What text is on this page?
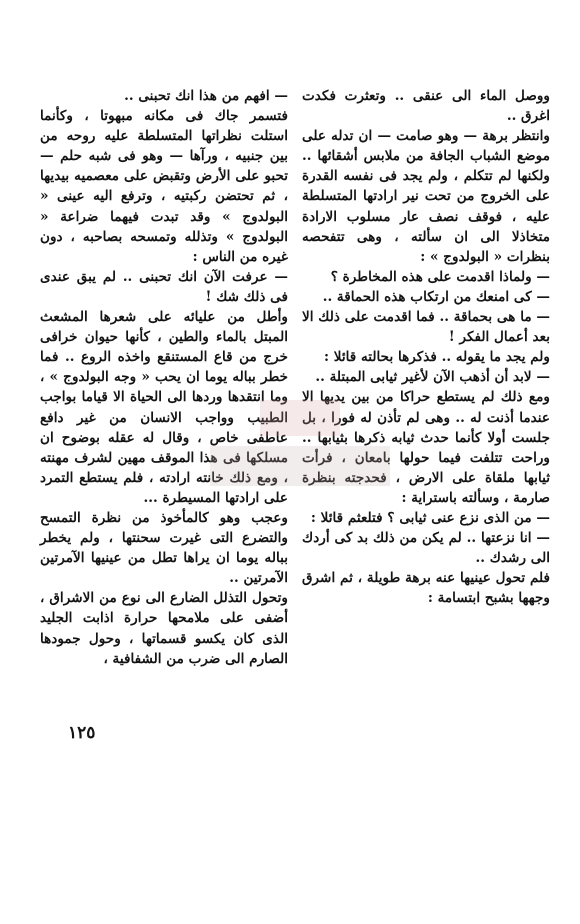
ووصل الماء الى عنقى .. وتعثرت فكدت اغرق ..

وانتظر برهة — وهو صامت — ان تدله على موضع الشباب الجافة من ملابس أشقائها .. ولكنها لم تتكلم ، ولم يجد فى نفسه القدرة على الخروج من تحت نير ارادتها المتسلطة عليه ، فوقف نصف عار مسلوب الارادة متخاذلا الى ان سألته ، وهى تتفحصه بنظرات « البولدوج » :

— ولماذا اقدمت على هذه المخاطرة ؟

— كى امنعك من ارتكاب هذه الحماقة ..

— ما هى بحماقة .. فما اقدمت على ذلك الا بعد أعمال الفكر !

ولم يجد ما يقوله .. فذكرها بحالته قائلا :

— لابد أن أذهب الآن لأغير ثيابى المبتلة ..

ومع ذلك لم يستطع حراكا من بين يديها الا عندما أذنت له .. وهى لم تأذن له فورا ، بل جلست أولا كأنما حدث ثيابه ذكرها بثيابها .. وراحت تتلفت فيما حولها بامعان ، فرأت ثيابها ملقاة على الارض ، فحدجته بنظرة صارمة ، وسألته باستراية :

— من الذى نزع عنى ثيابى ؟ فتلعثم قائلا :

— انا نزعتها .. لم يكن من ذلك بد كى أردك الى رشدك ..

فلم تحول عينيها عنه برهة طويلة ، ثم اشرق وجهها بشبح ابتسامة :

— افهم من هذا انك تحبنى ..

فتسمر جاك فى مكانه مبهوتا ، وكأنما استلت نظراتها المتسلطة عليه روحه من بين جنبيه ، ورآها — وهو فى شبه حلم — تحبو على الأرض وتقبض على معصميه بيديها ، ثم تحتضن ركبتيه ، وترفع اليه عينى « البولدوج » وقد تبدت فيهما ضراعة « البولدوج » وتذلله وتمسحه بصاحبه ، دون غيره من الناس :

— عرفت الآن انك تحبنى .. لم يبق عندى فى ذلك شك !

وأطل من عليائه على شعرها المشعث المبتل بالماء والطين ، كأنها حيوان خرافى خرج من قاع المستنقع واخذه الروع .. فما خطر بباله يوما ان يحب « وجه البولدوج » ، وما انتقدها وردها الى الحياة الا قياما بواجب الطبيب وواجب الانسان من غير دافع عاطفى خاص ، وقال له عقله بوضوح ان مسلكها فى هذا الموقف مهين لشرف مهنته ، ومع ذلك خانته ارادته ، فلم يستطع التمرد على ارادتها المسيطرة ...

وعجب وهو كالمأخوذ من نظرة التمسح والتضرع التى غيرت سحنتها ، ولم يخطر بباله يوما ان يراها تطل من عينيها الآمرتين الآمرتين ..

وتحول التذلل الضارع الى نوع من الاشراق ، أضفى على ملامحها حرارة اذابت الجليد الذى كان يكسو قسماتها ، وحول جمودها الصارم الى ضرب من الشفافية ،

١٢٥
